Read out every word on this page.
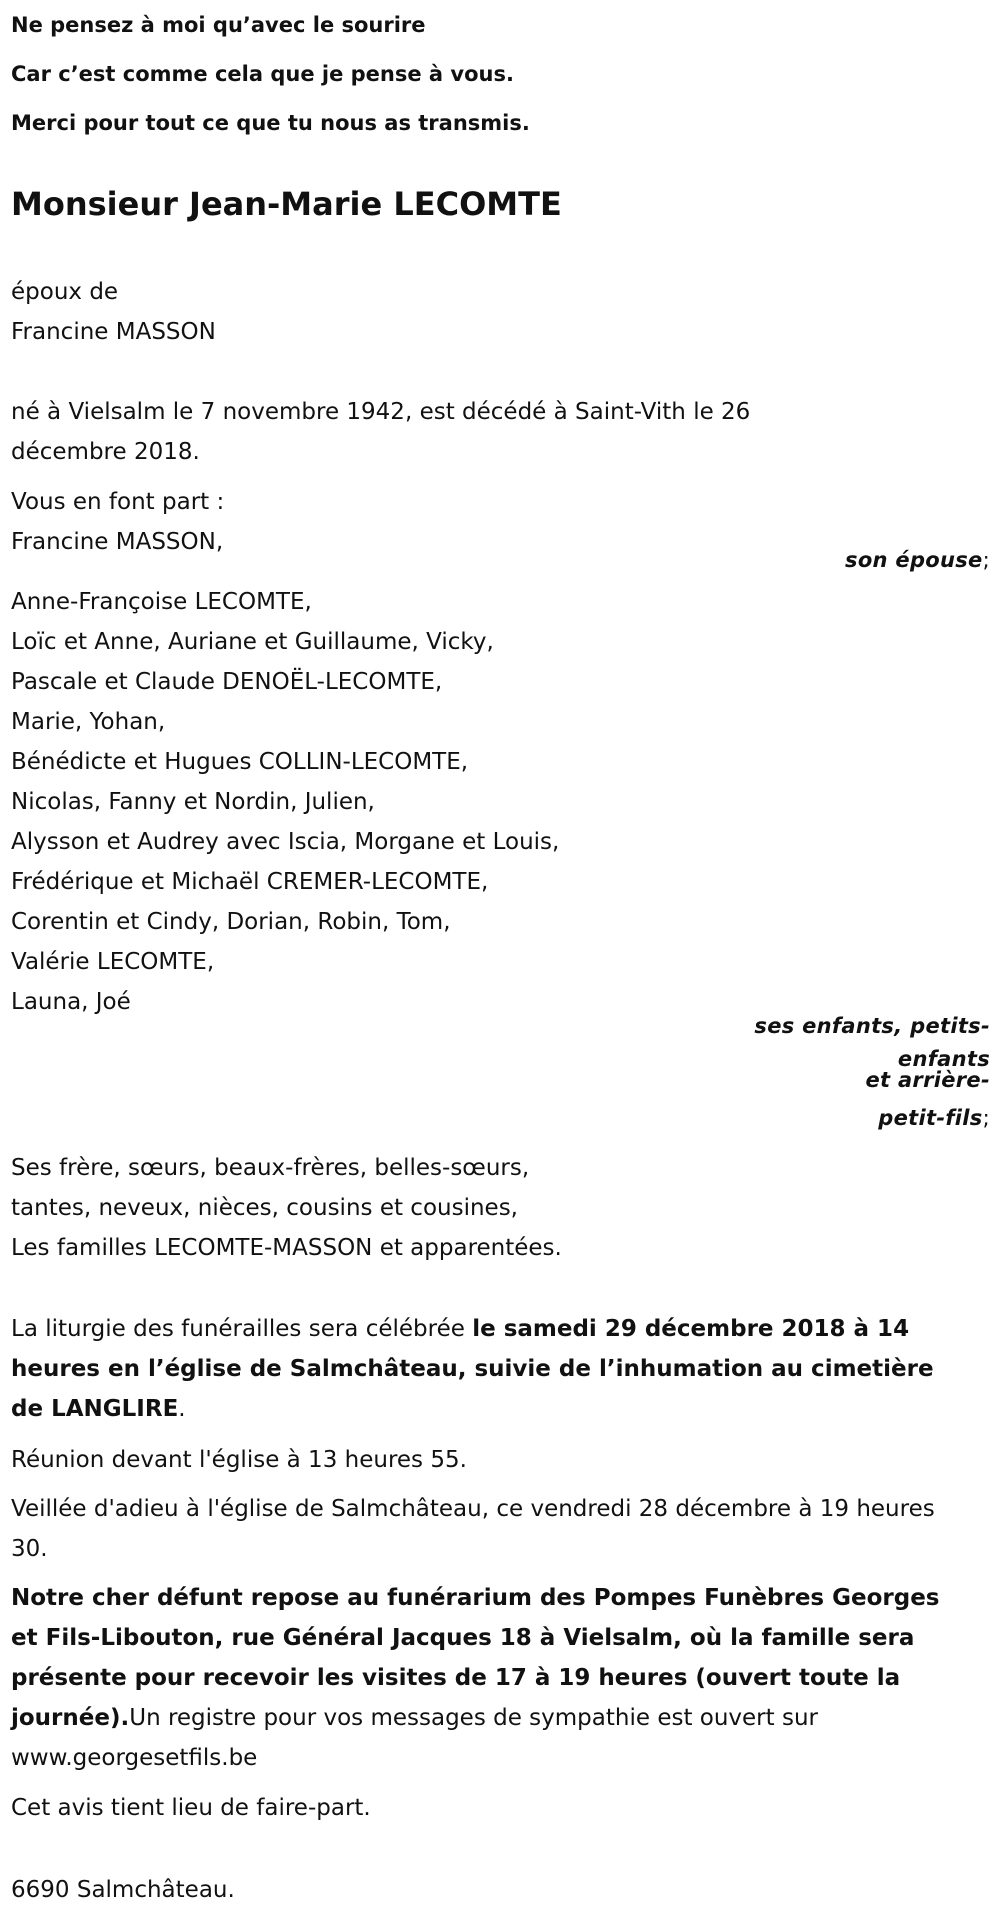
Ne pensez à moi qu’avec le sourire
Car c’est comme cela que je pense à vous.
Merci pour tout ce que tu nous as transmis.
Monsieur Jean-Marie LECOMTE
époux de
Francine MASSON
né à Vielsalm le 7 novembre 1942, est décédé à Saint-Vith le 26 décembre 2018.
Vous en font part :
Francine MASSON,
son épouse;
Anne-Françoise LECOMTE,
Loïc et Anne, Auriane et Guillaume, Vicky,
Pascale et Claude DENOËL-LECOMTE,
Marie, Yohan,
Bénédicte et Hugues COLLIN-LECOMTE,
Nicolas, Fanny et Nordin, Julien,
Alysson et Audrey avec Iscia, Morgane et Louis,
Frédérique et Michaël CREMER-LECOMTE,
Corentin et Cindy, Dorian, Robin, Tom,
Valérie LECOMTE,
Launa, Joé
ses enfants, petits-
enfants
et arrière-
petit-fils;
Ses frère, sœurs, beaux-frères, belles-sœurs,
tantes, neveux, nièces, cousins et cousines,
Les familles LECOMTE-MASSON et apparentées.
La liturgie des funérailles sera célébrée le samedi 29 décembre 2018 à 14 heures en l’église de Salmchâteau, suivie de l’inhumation au cimetière de LANGLIRE.
Réunion devant l'église à 13 heures 55.
Veillée d'adieu à l'église de Salmchâteau, ce vendredi 28 décembre à 19 heures 30.
Notre cher défunt repose au funérarium des Pompes Funèbres Georges et Fils-Libouton, rue Général Jacques 18 à Vielsalm, où la famille sera présente pour recevoir les visites de 17 à 19 heures (ouvert toute la journée).Un registre pour vos messages de sympathie est ouvert sur www.georgesetfils.be
Cet avis tient lieu de faire-part.
6690 Salmchâteau.
